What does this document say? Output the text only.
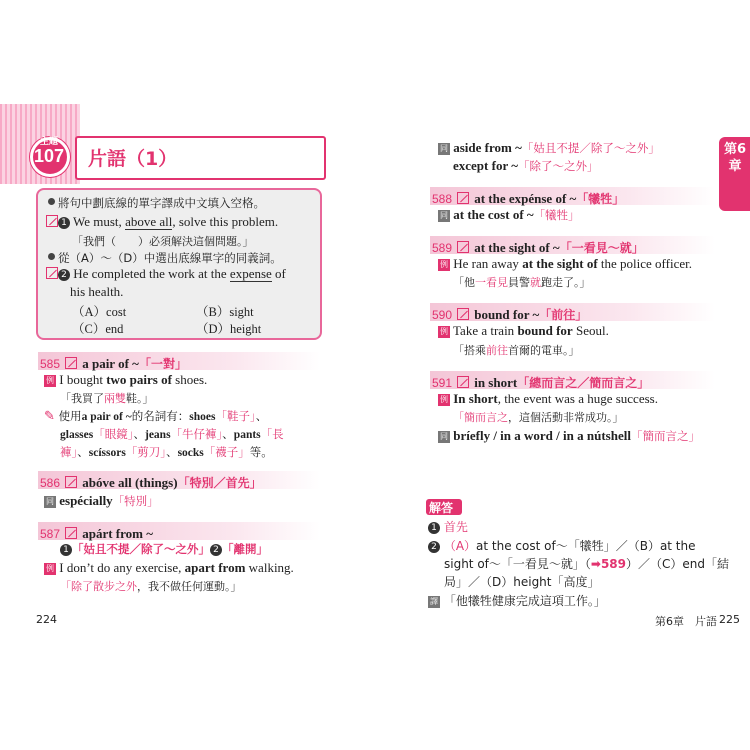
主題
107 片語（1）
將句中劃底線的單字譯成中文填入空格。
1 We must, above all, solve this problem.
「我們（　　）必須解決這個問題。」
從（A）～（D）中選出底線單字的同義詞。
2 He completed the work at the expense of
his health.
（A）cost	（B）sight
（C）end	（D）height
585 a pair of ~「一對」
例 I bought two pairs of shoes.
「我買了兩雙鞋。」
✎ 使用a pair of ~的名詞有：shoes「鞋子」、
glasses「眼鏡」、jeans「牛仔褲」、pants「長
褲」、scíssors「剪刀」、socks「襪子」等。
586 abóve all (things)「特別／首先」
同 espécially「特別」
587 apárt from ~
1 「姑且不提／除了～之外」 2 「離開」
例 I don’t do any exercise, apart from walking.
「除了散步之外，我不做任何運動。」
224
第6章
同 aside from ~「姑且不提／除了～之外」
except for ~「除了～之外」
588 at the expénse of ~「犧牲」
同 at the cost of ~「犧牲」
589 at the sight of ~「一看見～就」
例 He ran away at the sight of the police officer.
「他一看見員警就跑走了。」
590 bound for ~「前往」
例 Take a train bound for Seoul.
「搭乘前往首爾的電車。」
591 in short「總而言之／簡而言之」
例 In short, the event was a huge success.
「簡而言之，這個活動非常成功。」
同 bríefly / in a word / in a nútshell「簡而言之」
解答
1 首先
2 （A）at the cost of～「犧牲」／（B）at the
sight of～「一看見～就」（➡589）／（C）end「結
局」／（D）height「高度」
譯 「他犧牲健康完成這項工作。」
第6章　片語 225
